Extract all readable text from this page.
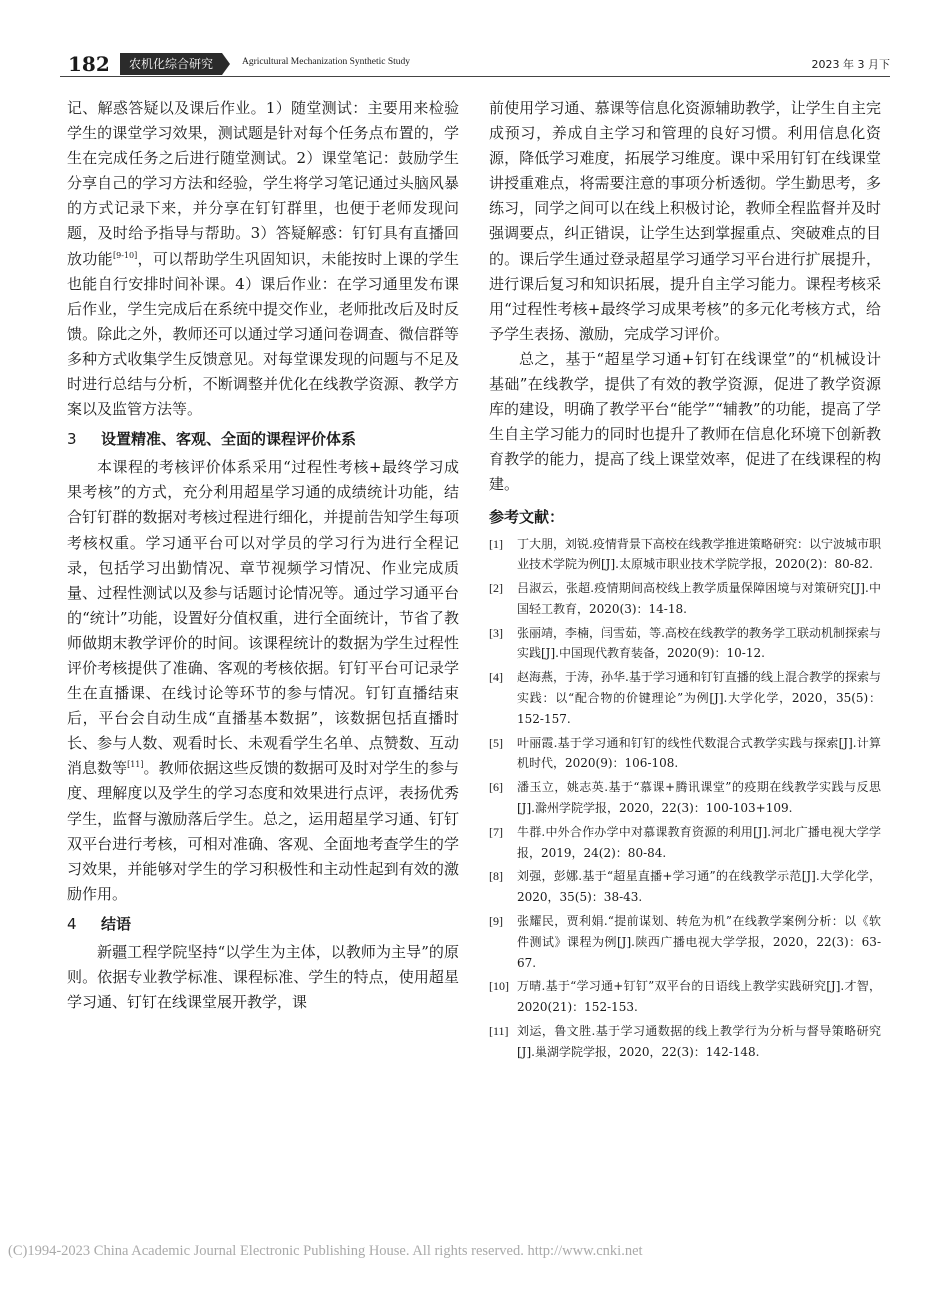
182	农机化综合研究	Agricultural Mechanization Synthetic Study	2023 年 3 月下

记、解惑答疑以及课后作业。1）随堂测试：主要用来检验学生的课堂学习效果，测试题是针对每个任务点布置的，学生在完成任务之后进行随堂测试。2）课堂笔记：鼓励学生分享自己的学习方法和经验，学生将学习笔记通过头脑风暴的方式记录下来，并分享在钉钉群里，也便于老师发现问题，及时给予指导与帮助。3）答疑解惑：钉钉具有直播回放功能[9-10]，可以帮助学生巩固知识，未能按时上课的学生也能自行安排时间补课。4）课后作业：在学习通里发布课后作业，学生完成后在系统中提交作业，老师批改后及时反馈。除此之外，教师还可以通过学习通问卷调查、微信群等多种方式收集学生反馈意见。对每堂课发现的问题与不足及时进行总结与分析，不断调整并优化在线教学资源、教学方案以及监管方法等。

3 设置精准、客观、全面的课程评价体系

本课程的考核评价体系采用“过程性考核+最终学习成果考核”的方式，充分利用超星学习通的成绩统计功能，结合钉钉群的数据对考核过程进行细化，并提前告知学生每项考核权重。学习通平台可以对学员的学习行为进行全程记录，包括学习出勤情况、章节视频学习情况、作业完成质量、过程性测试以及参与话题讨论情况等。通过学习通平台的“统计”功能，设置好分值权重，进行全面统计，节省了教师做期末教学评价的时间。该课程统计的数据为学生过程性评价考核提供了准确、客观的考核依据。钉钉平台可记录学生在直播课、在线讨论等环节的参与情况。钉钉直播结束后，平台会自动生成“直播基本数据”，该数据包括直播时长、参与人数、观看时长、未观看学生名单、点赞数、互动消息数等[11]。教师依据这些反馈的数据可及时对学生的参与度、理解度以及学生的学习态度和效果进行点评，表扬优秀学生，监督与激励落后学生。总之，运用超星学习通、钉钉双平台进行考核，可相对准确、客观、全面地考查学生的学习效果，并能够对学生的学习积极性和主动性起到有效的激励作用。

4 结语

新疆工程学院坚持“以学生为主体，以教师为主导”的原则。依据专业教学标准、课程标准、学生的特点，使用超星学习通、钉钉在线课堂展开教学，课

前使用学习通、慕课等信息化资源辅助教学，让学生自主完成预习，养成自主学习和管理的良好习惯。利用信息化资源，降低学习难度，拓展学习维度。课中采用钉钉在线课堂讲授重难点，将需要注意的事项分析透彻。学生勤思考，多练习，同学之间可以在线上积极讨论，教师全程监督并及时强调要点，纠正错误，让学生达到掌握重点、突破难点的目的。课后学生通过登录超星学习通学习平台进行扩展提升，进行课后复习和知识拓展，提升自主学习能力。课程考核采用“过程性考核+最终学习成果考核”的多元化考核方式，给予学生表扬、激励，完成学习评价。

总之，基于“超星学习通+钉钉在线课堂”的“机械设计基础”在线教学，提供了有效的教学资源，促进了教学资源库的建设，明确了教学平台“能学”“辅教”的功能，提高了学生自主学习能力的同时也提升了教师在信息化环境下创新教育教学的能力，提高了线上课堂效率，促进了在线课程的构建。

参考文献：
[1] 丁大朋，刘锐.疫情背景下高校在线教学推进策略研究：以宁波城市职业技术学院为例[J].太原城市职业技术学院学报，2020(2)：80-82.
[2] 吕淑云，张超.疫情期间高校线上教学质量保障困境与对策研究[J].中国轻工教育，2020(3)：14-18.
[3] 张丽靖，李楠，闫雪茹，等.高校在线教学的教务学工联动机制探索与实践[J].中国现代教育装备，2020(9)：10-12.
[4] 赵海燕，于涛，孙华.基于学习通和钉钉直播的线上混合教学的探索与实践：以“配合物的价键理论”为例[J].大学化学，2020，35(5)：152-157.
[5] 叶丽霞.基于学习通和钉钉的线性代数混合式教学实践与探索[J].计算机时代，2020(9)：106-108.
[6] 潘玉立，姚志英.基于“慕课+腾讯课堂”的疫期在线教学实践与反思[J].滁州学院学报，2020，22(3)：100-103+109.
[7] 牛群.中外合作办学中对慕课教育资源的利用[J].河北广播电视大学学报，2019，24(2)：80-84.
[8] 刘强，彭娜.基于“超星直播+学习通”的在线教学示范[J].大学化学，2020，35(5)：38-43.
[9] 张耀民，贾利娟.“提前谋划、转危为机”在线教学案例分析：以《软件测试》课程为例[J].陕西广播电视大学学报，2020，22(3)：63-67.
[10] 万晴.基于“学习通+钉钉”双平台的日语线上教学实践研究[J].才智，2020(21)：152-153.
[11] 刘运，鲁文胜.基于学习通数据的线上教学行为分析与督导策略研究[J].巢湖学院学报，2020，22(3)：142-148.
(C)1994-2023 China Academic Journal Electronic Publishing House. All rights reserved. http://www.cnki.net
